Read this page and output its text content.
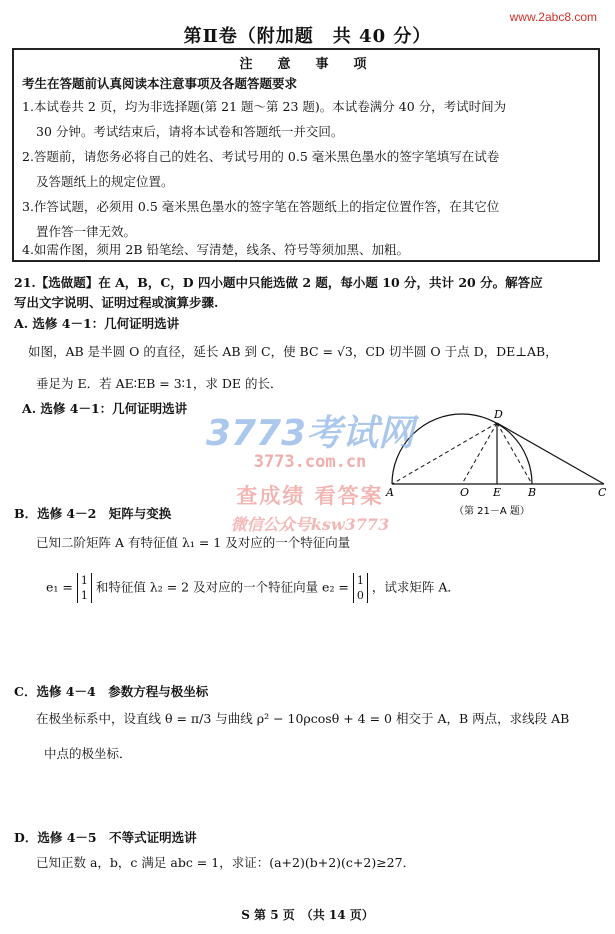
www.2abc8.com
第Ⅱ卷（附加题　共 40 分）
注　意　事　项
考生在答题前认真阅读本注意事项及各题答题要求
1.本试卷共 2 页，均为非选择题(第 21 题～第 23 题)。本试卷满分 40 分，考试时间为
30 分钟。考试结束后，请将本试卷和答题纸一并交回。
2.答题前，请您务必将自己的姓名、考试号用的 0.5 毫米黑色墨水的签字笔填写在试卷
及答题纸上的规定位置。
3.作答试题，必须用 0.5 毫米黑色墨水的签字笔在答题纸上的指定位置作答，在其它位
置作答一律无效。
4.如需作图，须用 2B 铅笔绘、写清楚，线条、符号等须加黑、加粗。
21.【选做题】在 A，B，C，D 四小题中只能选做 2 题，每小题 10 分，共计 20 分。解答应
写出文字说明、证明过程或演算步骤.
A. 选修 4－1：几何证明选讲
如图，AB 是半圆 O 的直径，延长 AB 到 C，使 BC = √3，CD 切半圆 O 于点 D，DE⊥AB，
垂足为 E．若 AE∶EB = 3∶1，求 DE 的长．
A. 选修 4－1：几何证明选讲	D
A	O E B	C
（第 21－A 题）
3773考试网
3773.com.cn
查成绩 看答案
微信公众号ksw3773
B．选修 4－2　矩阵与变换
已知二阶矩阵 A 有特征值 λ₁ = 1 及对应的一个特征向量
e₁ = 1
1 和特征值 λ₂ = 2 及对应的一个特征向量 e₂ = 1
0 ，试求矩阵 A．
C．选修 4－4　参数方程与极坐标
在极坐标系中，设直线 θ = π/3 与曲线 ρ² − 10ρcosθ + 4 = 0 相交于 A，B 两点，求线段 AB
中点的极坐标．
D．选修 4－5　不等式证明选讲
已知正数 a，b，c 满足 abc = 1，求证：(a+2)(b+2)(c+2)≥27．
S 第 5 页　（共 14 页）
